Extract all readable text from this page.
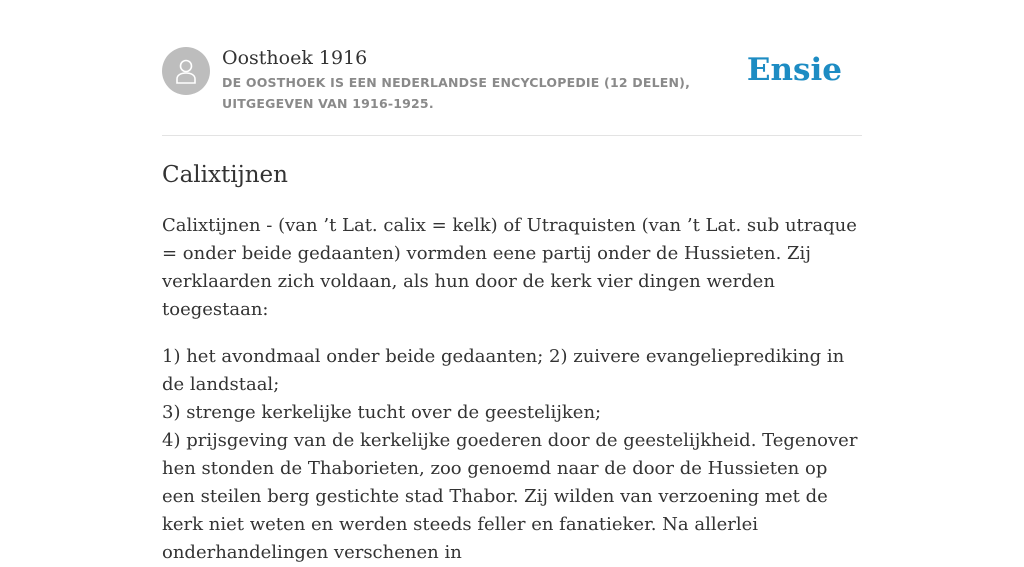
Oosthoek 1916
DE OOSTHOEK IS EEN NEDERLANDSE ENCYCLOPEDIE (12 DELEN), UITGEGEVEN VAN 1916-1925.
Ensie
Calixtijnen

Calixtijnen - (van ’t Lat. calix = kelk) of Utraquisten (van ’t Lat. sub utraque = onder beide gedaanten) vormden eene partij onder de Hussieten. Zij verklaarden zich voldaan, als hun door de kerk vier dingen werden toegestaan:

1) het avondmaal onder beide gedaanten; 2) zuivere evangelieprediking in de landstaal;
3) strenge kerkelijke tucht over de geestelijken;
4) prijsgeving van de kerkelijke goederen door de geestelijkheid. Tegenover hen stonden de Thaborieten, zoo genoemd naar de door de Hussieten op een steilen berg gestichte stad Thabor. Zij wilden van verzoening met de kerk niet weten en werden steeds feller en fanatieker. Na allerlei onderhandelingen verschenen in
